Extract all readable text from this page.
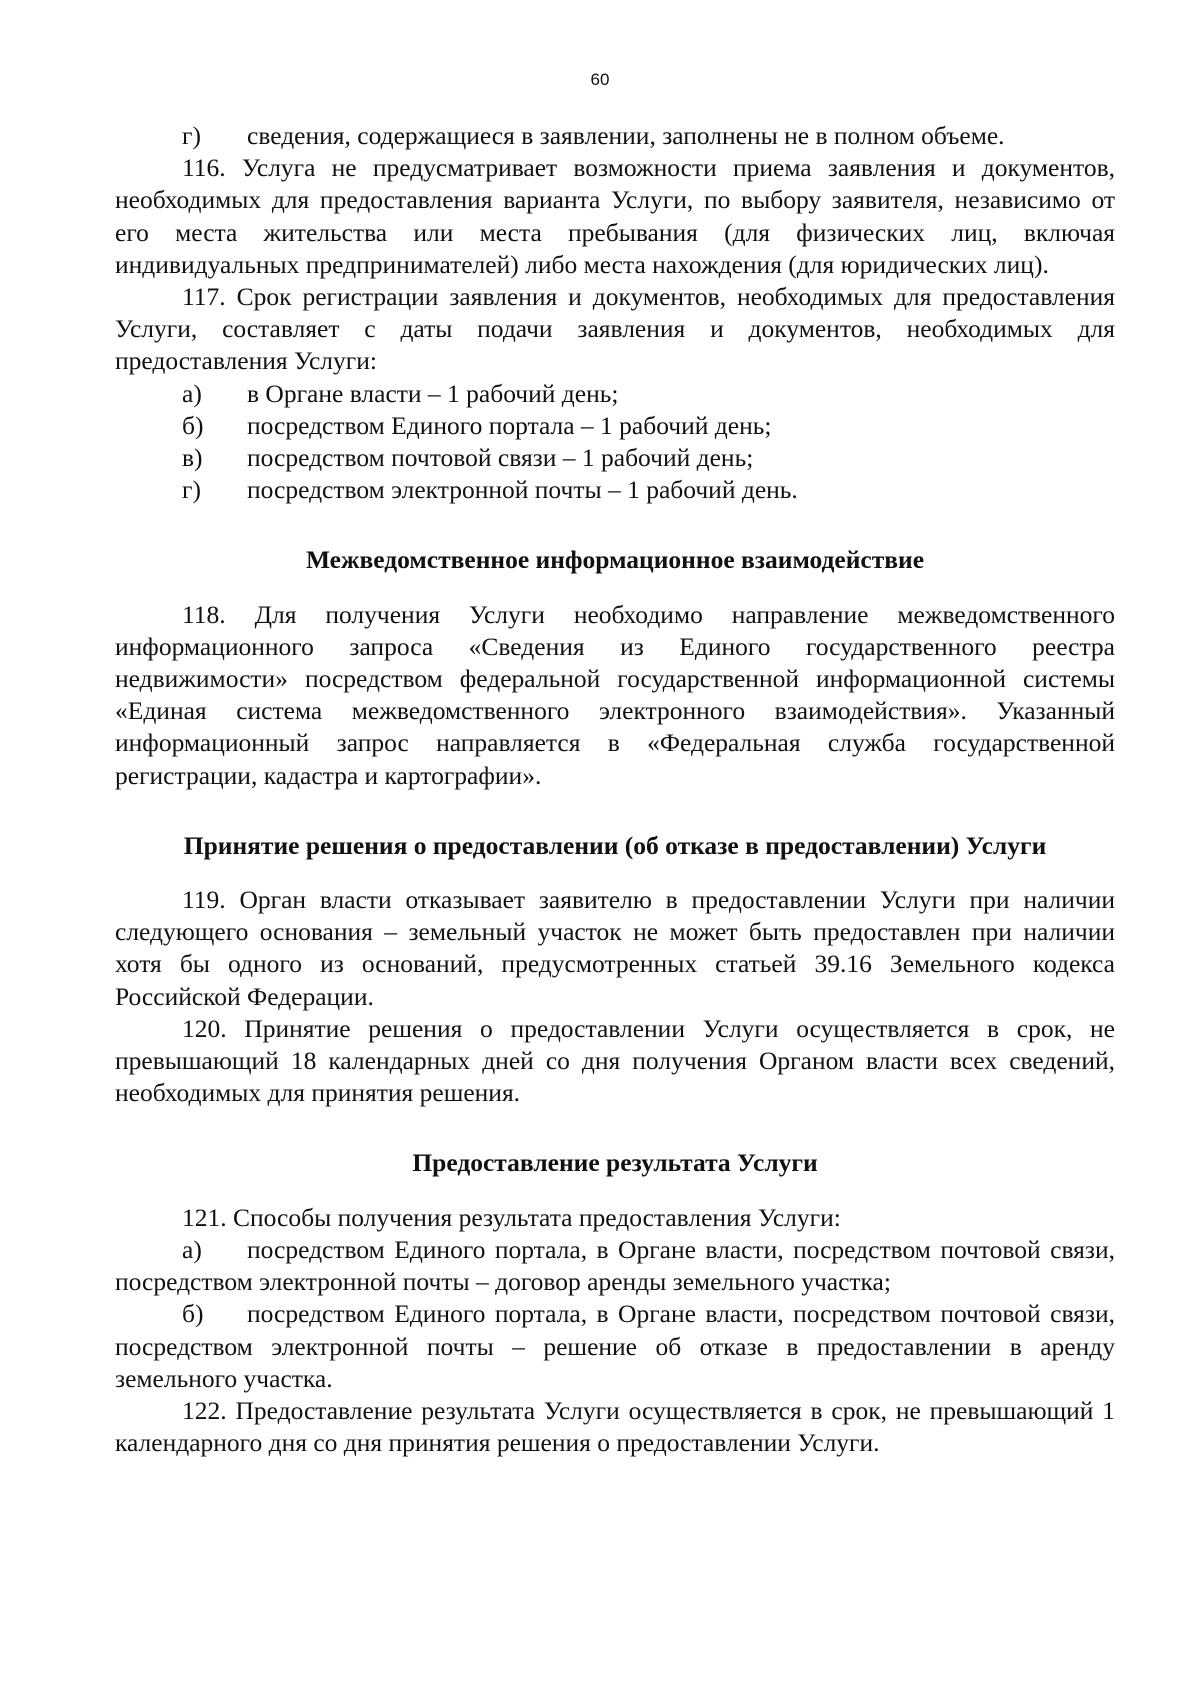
60

г) сведения, содержащиеся в заявлении, заполнены не в полном объеме.

116. Услуга не предусматривает возможности приема заявления и документов, необходимых для предоставления варианта Услуги, по выбору заявителя, независимо от его места жительства или места пребывания (для физических лиц, включая индивидуальных предпринимателей) либо места нахождения (для юридических лиц).

117. Срок регистрации заявления и документов, необходимых для предоставления Услуги, составляет с даты подачи заявления и документов, необходимых для предоставления Услуги:

а) в Органе власти – 1 рабочий день;

б) посредством Единого портала – 1 рабочий день;

в) посредством почтовой связи – 1 рабочий день;

г) посредством электронной почты – 1 рабочий день.

Межведомственное информационное взаимодействие

118. Для получения Услуги необходимо направление межведомственного информационного запроса «Сведения из Единого государственного реестра недвижимости» посредством федеральной государственной информационной системы «Единая система межведомственного электронного взаимодействия». Указанный информационный запрос направляется в «Федеральная служба государственной регистрации, кадастра и картографии».

Принятие решения о предоставлении (об отказе в предоставлении) Услуги

119. Орган власти отказывает заявителю в предоставлении Услуги при наличии следующего основания – земельный участок не может быть предоставлен при наличии хотя бы одного из оснований, предусмотренных статьей 39.16 Земельного кодекса Российской Федерации.

120. Принятие решения о предоставлении Услуги осуществляется в срок, не превышающий 18 календарных дней со дня получения Органом власти всех сведений, необходимых для принятия решения.

Предоставление результата Услуги

121. Способы получения результата предоставления Услуги:

а) посредством Единого портала, в Органе власти, посредством почтовой связи, посредством электронной почты – договор аренды земельного участка;

б) посредством Единого портала, в Органе власти, посредством почтовой связи, посредством электронной почты – решение об отказе в предоставлении в аренду земельного участка.

122. Предоставление результата Услуги осуществляется в срок, не превышающий 1 календарного дня со дня принятия решения о предоставлении Услуги.
